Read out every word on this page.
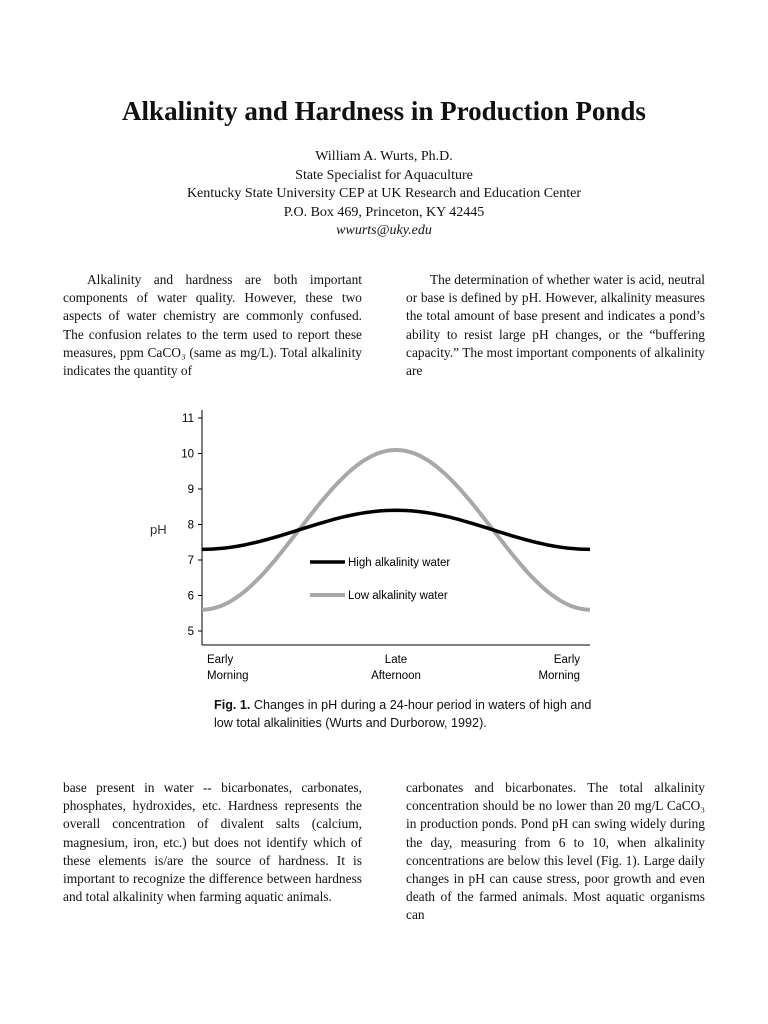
Alkalinity and Hardness in Production Ponds
William A. Wurts, Ph.D.
State Specialist for Aquaculture
Kentucky State University CEP at UK Research and Education Center
P.O. Box 469, Princeton, KY 42445
wwurts@uky.edu

Alkalinity and hardness are both important components of water quality. However, these two aspects of water chemistry are commonly confused. The confusion relates to the term used to report these measures, ppm CaCO₃ (same as mg/L). Total alkalinity indicates the quantity of

The determination of whether water is acid, neutral or base is defined by pH. However, alkalinity measures the total amount of base present and indicates a pond’s ability to resist large pH changes, or the “buffering capacity.” The most important components of alkalinity are

11
10
9
8
7
6
5
pH
High alkalinity water
Low alkalinity water
Early
Morning
Late
Afternoon
Early
Morning
Fig. 1. Changes in pH during a 24-hour period in waters of high and low total alkalinities (Wurts and Durborow, 1992).

base present in water -- bicarbonates, carbonates, phosphates, hydroxides, etc. Hardness represents the overall concentration of divalent salts (calcium, magnesium, iron, etc.) but does not identify which of these elements is/are the source of hardness. It is important to recognize the difference between hardness and total alkalinity when farming aquatic animals.

carbonates and bicarbonates. The total alkalinity concentration should be no lower than 20 mg/L CaCO₃ in production ponds. Pond pH can swing widely during the day, measuring from 6 to 10, when alkalinity concentrations are below this level (Fig. 1). Large daily changes in pH can cause stress, poor growth and even death of the farmed animals. Most aquatic organisms can
